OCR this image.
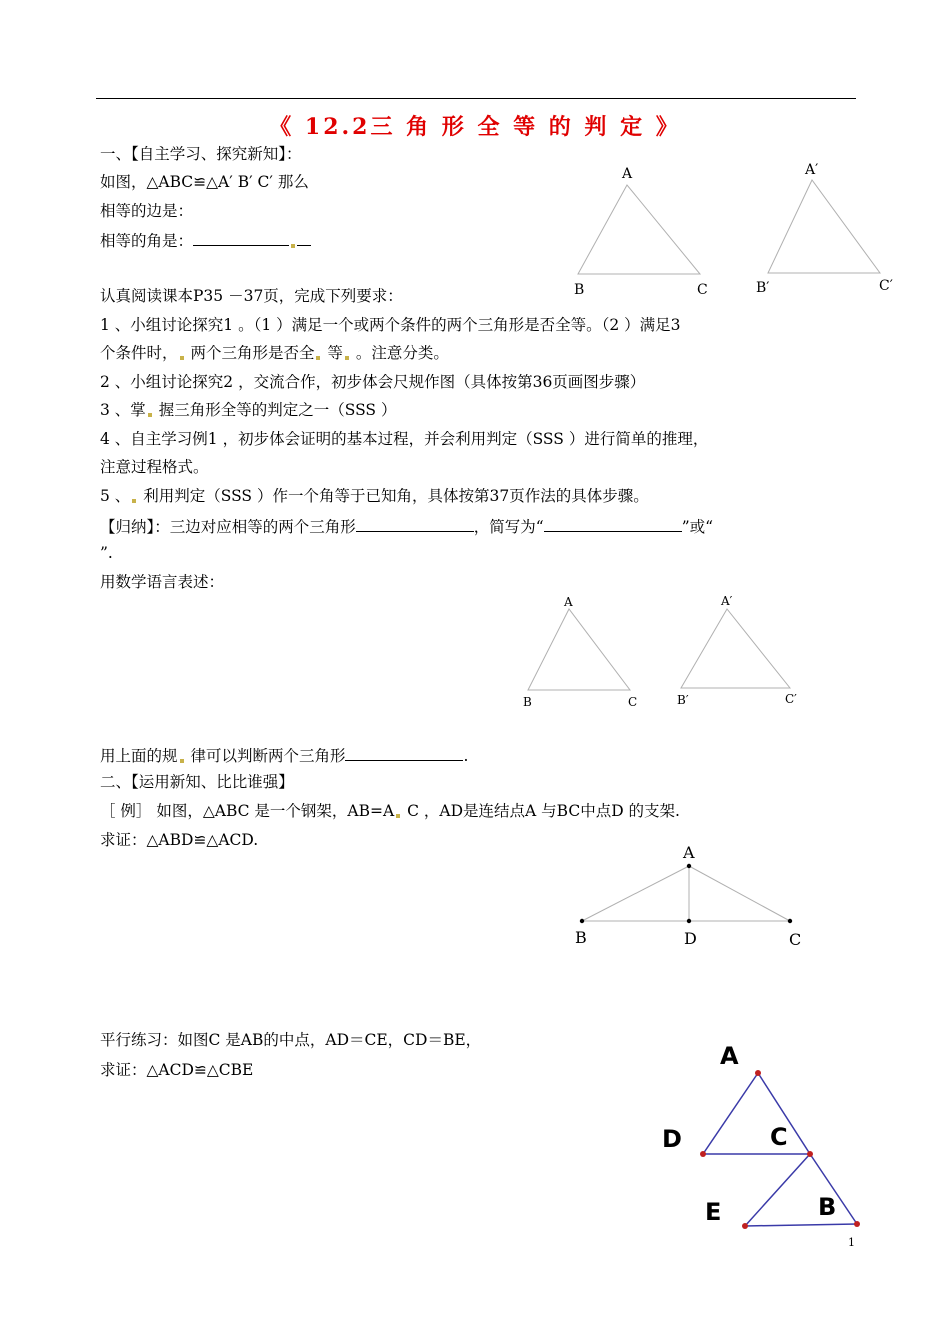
《 12.2三 角 形 全 等 的 判 定 》
一、【自主学习、探究新知】：
如图，△ABC≌△A′ B′ C′ 那么
相等的边是：
相等的角是：
认真阅读课本P35 －37页，完成下列要求：
1 、小组讨论探究1 。（1 ）满足一个或两个条件的两个三角形是否全等。（2 ）满足3
个条件时， 两个三角形是否全 等 。注意分类。
2 、小组讨论探究2 ，交流合作，初步体会尺规作图（具体按第36页画图步骤）
3 、掌 握三角形全等的判定之一（SSS ）
4 、自主学习例1 ，初步体会证明的基本过程，并会利用判定（SSS ）进行简单的推理，
注意过程格式。
5 、 利用判定（SSS ）作一个角等于已知角，具体按第37页作法的具体步骤。
【归纳】：三边对应相等的两个三角形	，简写为“	”或“
”.
用数学语言表述：
用上面的规 律可以判断两个三角形	.
二、【运用新知、比比谁强】
［ 例］ 如图，△ABC 是一个钢架，AB=A C ，AD是连结点A 与BC中点D 的支架.
求证：△ABD≌△ACD.
平行练习：如图C 是AB的中点，AD＝CE，CD＝BE，
求证：△ACD≌△CBE
A
B	C
A′
B′	C′
A
B	C
A′
B′	C′
A
B	D	C
A
D	C
E	B
1
